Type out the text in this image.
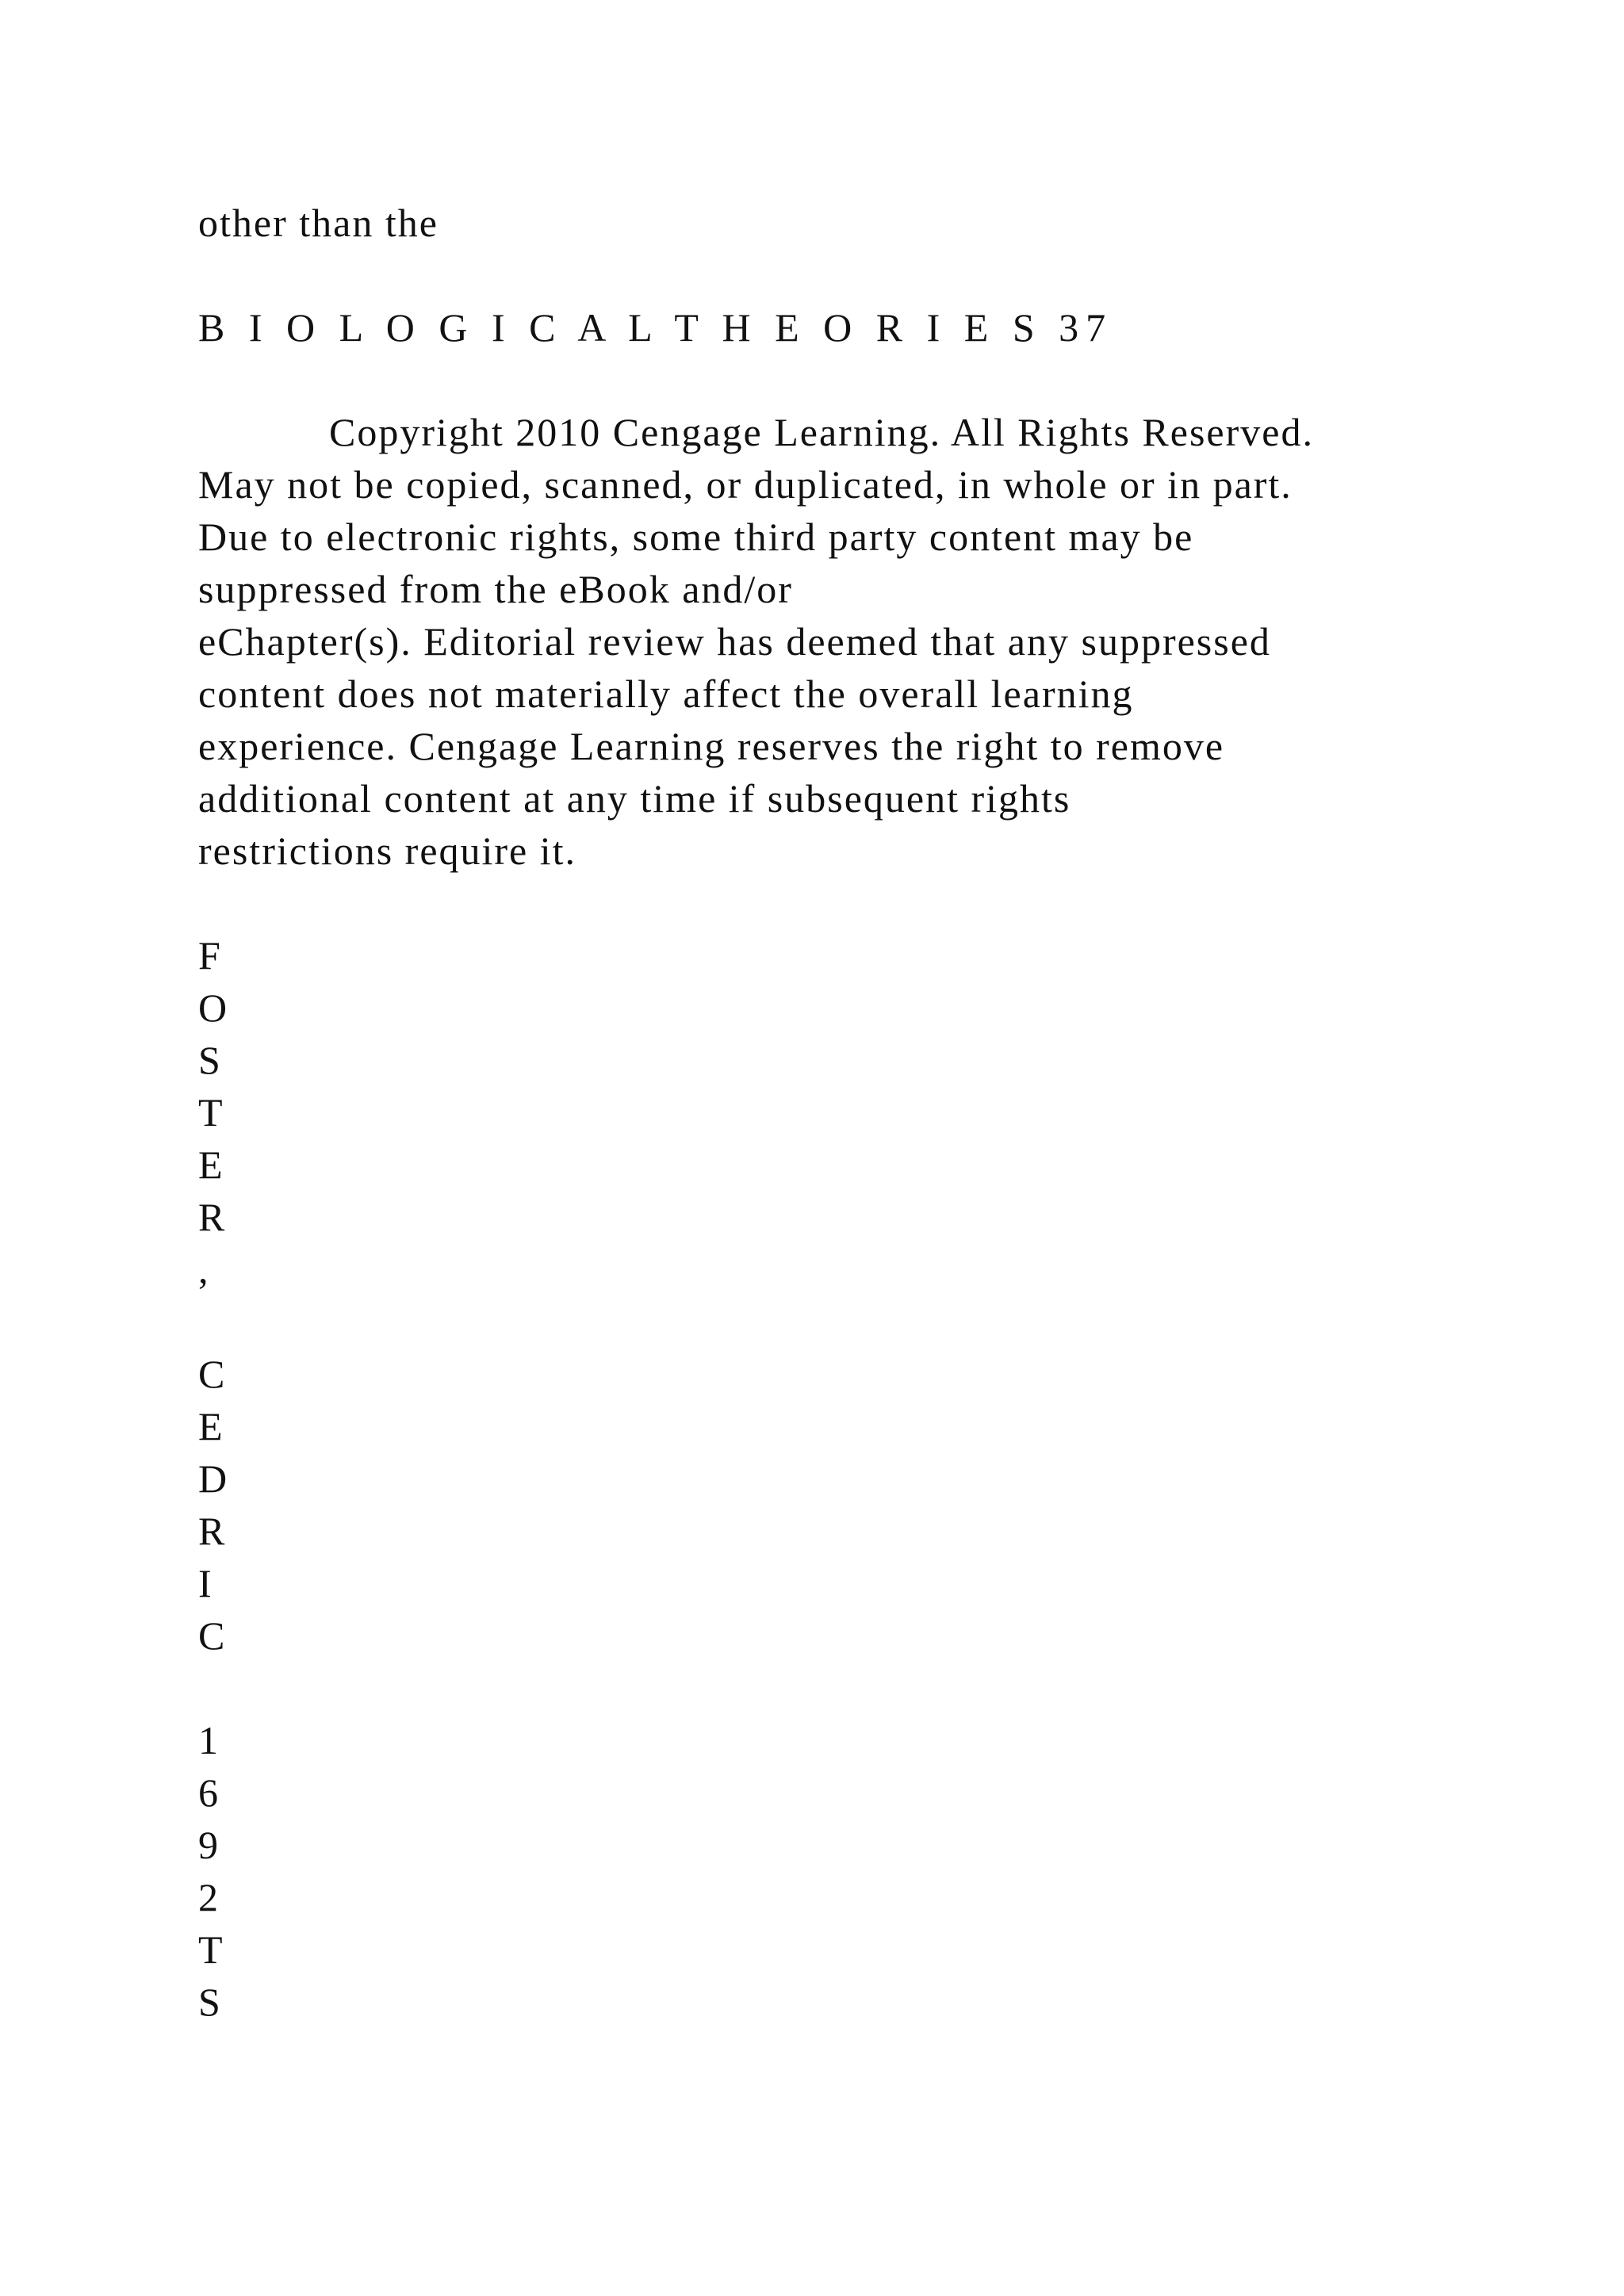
other than the

B I O L O G I C A L T H E O R I E S 37

Copyright 2010 Cengage Learning. All Rights Reserved.

May not be copied, scanned, or duplicated, in whole or in part.

Due to electronic rights, some third party content may be

suppressed from the eBook and/or

eChapter(s). Editorial review has deemed that any suppressed

content does not materially affect the overall learning

experience. Cengage Learning reserves the right to remove

additional content at any time if subsequent rights

restrictions require it.

F
O
S
T
E
R
,
C
E
D
R
I
C
1
6
9
2
T
S
